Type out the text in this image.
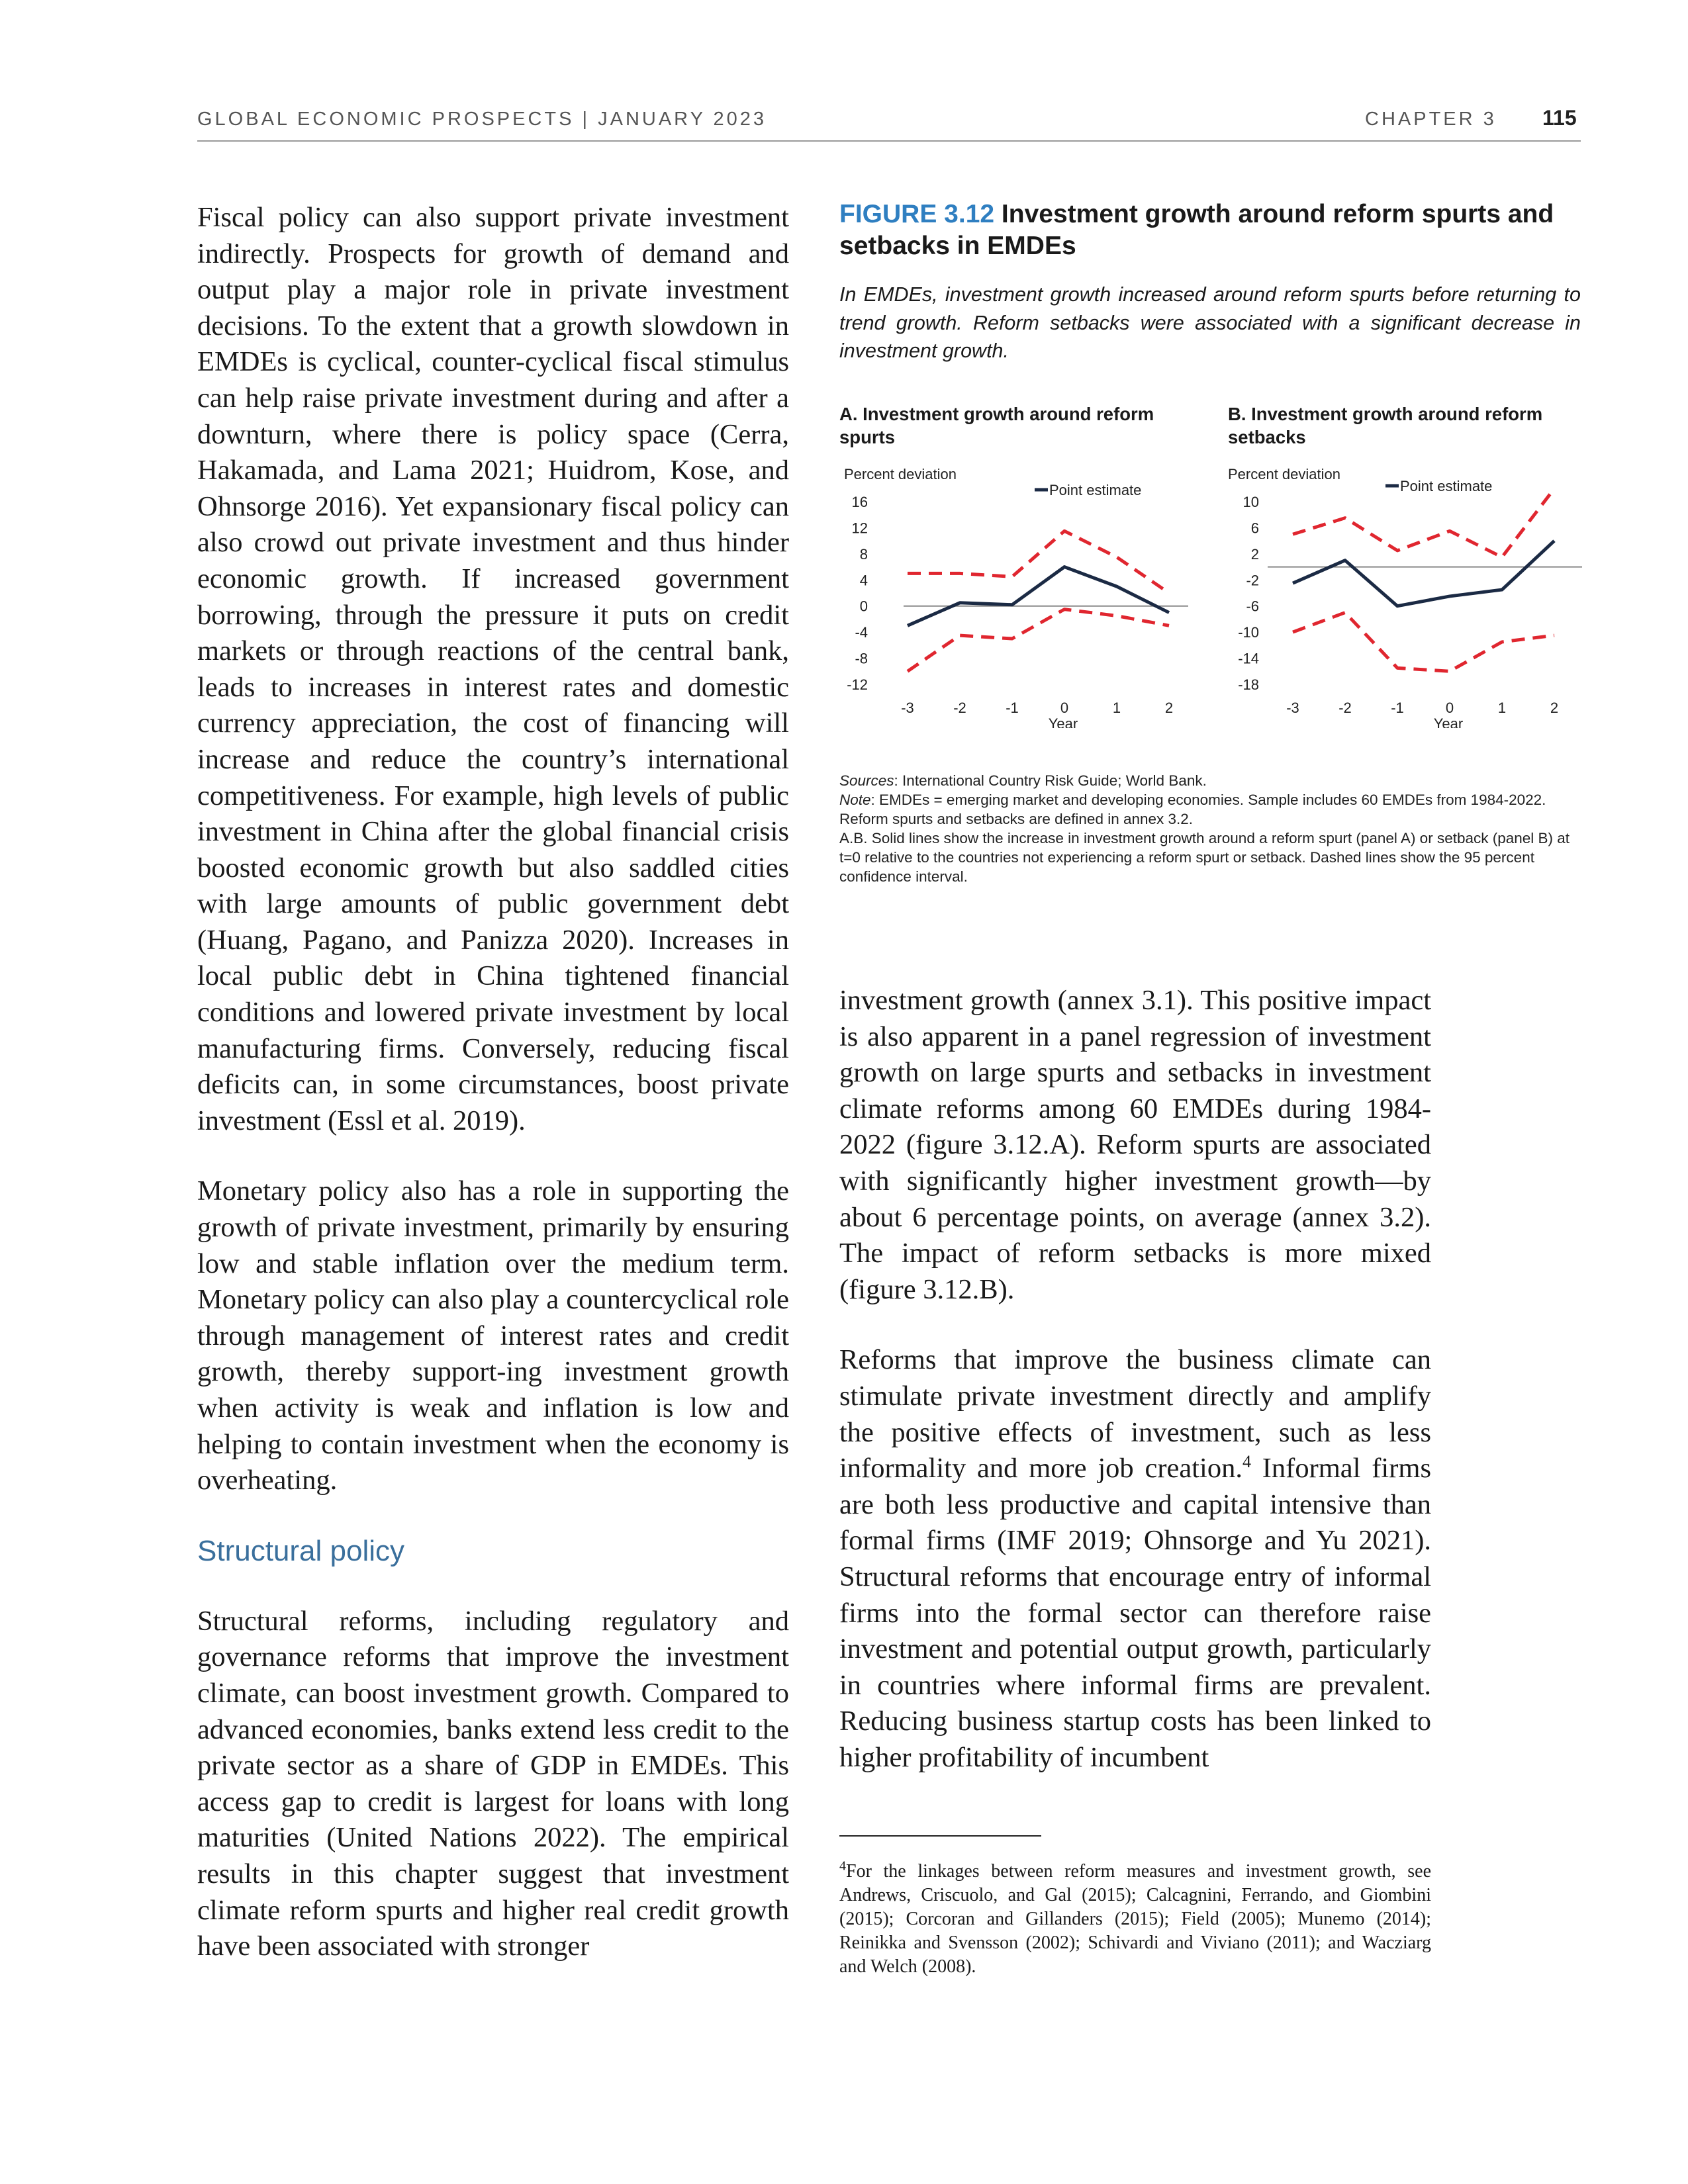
GLOBAL ECONOMIC PROSPECTS | JANUARY 2023	CHAPTER 3 115

Fiscal policy can also support private investment indirectly. Prospects for growth of demand and output play a major role in private investment decisions. To the extent that a growth slowdown in EMDEs is cyclical, counter-cyclical fiscal stimulus can help raise private investment during and after a downturn, where there is policy space (Cerra, Hakamada, and Lama 2021; Huidrom, Kose, and Ohnsorge 2016). Yet expansionary fiscal policy can also crowd out private investment and thus hinder economic growth. If increased government borrowing, through the pressure it puts on credit markets or through reactions of the central bank, leads to increases in interest rates and domestic currency appreciation, the cost of financing will increase and reduce the country’s international competitiveness. For example, high levels of public investment in China after the global financial crisis boosted economic growth but also saddled cities with large amounts of public government debt (Huang, Pagano, and Panizza 2020). Increases in local public debt in China tightened financial conditions and lowered private investment by local manufacturing firms. Conversely, reducing fiscal deficits can, in some circumstances, boost private investment (Essl et al. 2019).

Monetary policy also has a role in supporting the growth of private investment, primarily by ensuring low and stable inflation over the medium term. Monetary policy can also play a countercyclical role through management of interest rates and credit growth, thereby support-ing investment growth when activity is weak and inflation is low and helping to contain investment when the economy is overheating.

Structural policy

Structural reforms, including regulatory and governance reforms that improve the investment climate, can boost investment growth. Compared to advanced economies, banks extend less credit to the private sector as a share of GDP in EMDEs. This access gap to credit is largest for loans with long maturities (United Nations 2022). The empirical results in this chapter suggest that investment climate reform spurts and higher real credit growth have been associated with stronger

FIGURE 3.12 Investment growth around reform spurts and setbacks in EMDEs
In EMDEs, investment growth increased around reform spurts before returning to trend growth. Reform setbacks were associated with a significant decrease in investment growth.
A. Investment growth around reform spurts
B. Investment growth around reform setbacks
Percent deviation
Point estimate
16
12
8
4
0
-4
-8
-12
-3	-2	-1	0	1	2
Year
Percent deviation
Point estimate
10
6
2
-2
-6
-10
-14
-18
-3	-2	-1	0	1	2
Year

Sources: International Country Risk Guide; World Bank.

Note: EMDEs = emerging market and developing economies. Sample includes 60 EMDEs from 1984-2022. Reform spurts and setbacks are defined in annex 3.2.

A.B. Solid lines show the increase in investment growth around a reform spurt (panel A) or setback (panel B) at t=0 relative to the countries not experiencing a reform spurt or setback. Dashed lines show the 95 percent confidence interval.

investment growth (annex 3.1). This positive impact is also apparent in a panel regression of investment growth on large spurts and setbacks in investment climate reforms among 60 EMDEs during 1984-2022 (figure 3.12.A). Reform spurts are associated with significantly higher investment growth—by about 6 percentage points, on average (annex 3.2). The impact of reform setbacks is more mixed (figure 3.12.B).

Reforms that improve the business climate can stimulate private investment directly and amplify the positive effects of investment, such as less informality and more job creation.$^4$ Informal firms are both less productive and capital intensive than formal firms (IMF 2019; Ohnsorge and Yu 2021). Structural reforms that encourage entry of informal firms into the formal sector can therefore raise investment and potential output growth, particularly in countries where informal firms are prevalent. Reducing business startup costs has been linked to higher profitability of incumbent

$^4$For the linkages between reform measures and investment growth, see Andrews, Criscuolo, and Gal (2015); Calcagnini, Ferrando, and Giombini (2015); Corcoran and Gillanders (2015); Field (2005); Munemo (2014); Reinikka and Svensson (2002); Schivardi and Viviano (2011); and Wacziarg and Welch (2008).
